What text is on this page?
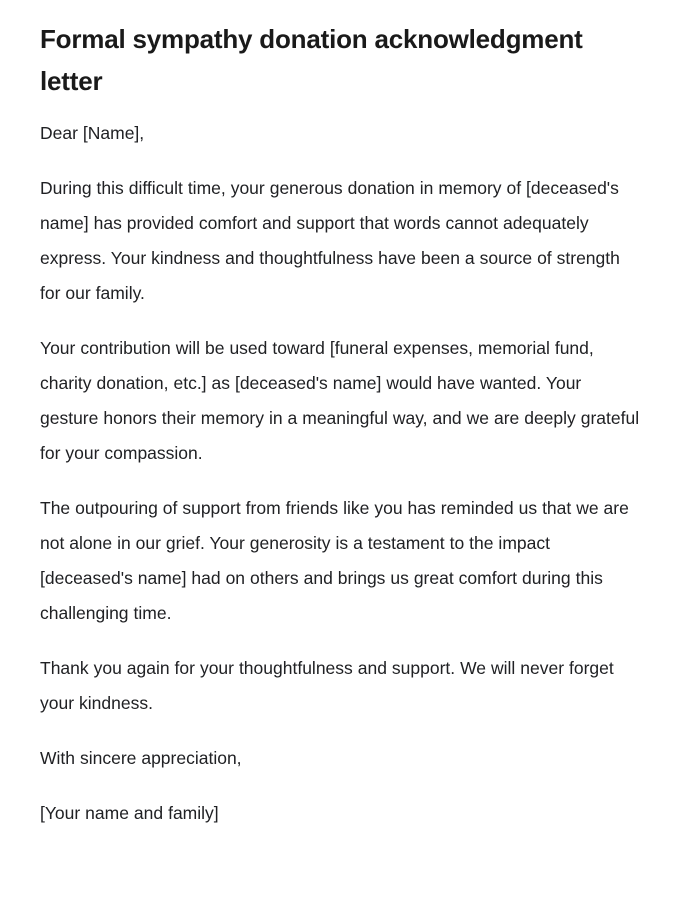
Formal sympathy donation acknowledgment letter

Dear [Name],

During this difficult time, your generous donation in memory of [deceased's name] has provided comfort and support that words cannot adequately express. Your kindness and thoughtfulness have been a source of strength for our family.

Your contribution will be used toward [funeral expenses, memorial fund, charity donation, etc.] as [deceased's name] would have wanted. Your gesture honors their memory in a meaningful way, and we are deeply grateful for your compassion.

The outpouring of support from friends like you has reminded us that we are not alone in our grief. Your generosity is a testament to the impact [deceased's name] had on others and brings us great comfort during this challenging time.

Thank you again for your thoughtfulness and support. We will never forget your kindness.

With sincere appreciation,

[Your name and family]
